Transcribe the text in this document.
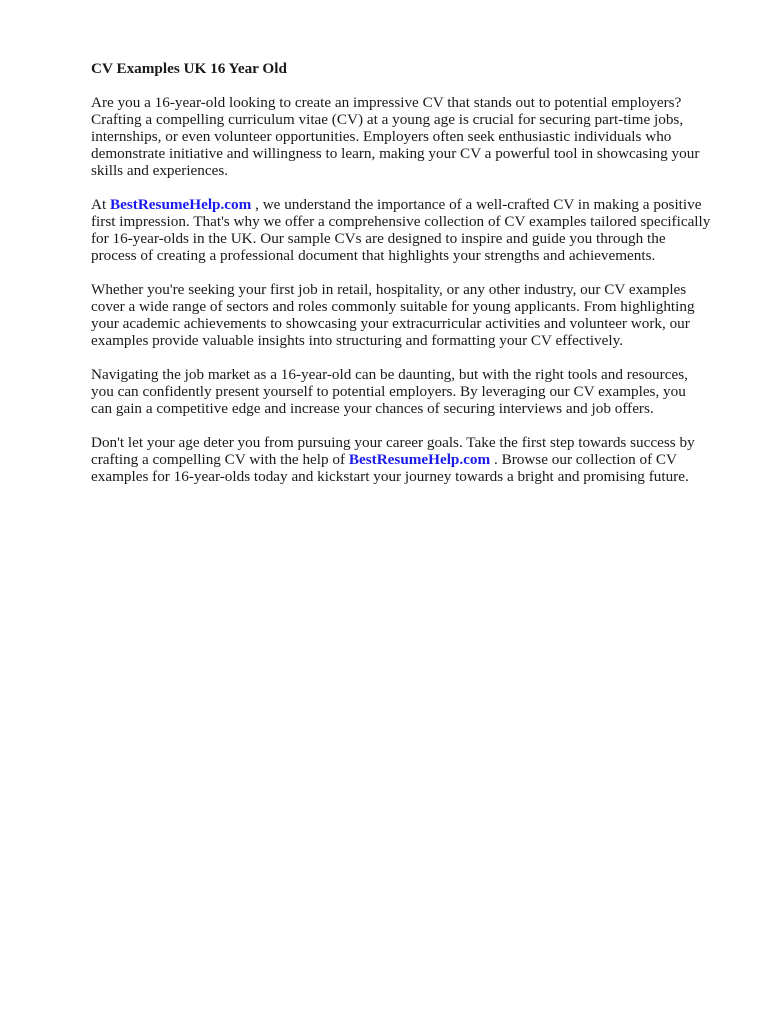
CV Examples UK 16 Year Old
Are you a 16-year-old looking to create an impressive CV that stands out to potential employers?
Crafting a compelling curriculum vitae (CV) at a young age is crucial for securing part-time jobs,
internships, or even volunteer opportunities. Employers often seek enthusiastic individuals who
demonstrate initiative and willingness to learn, making your CV a powerful tool in showcasing your
skills and experiences.
At BestResumeHelp.com , we understand the importance of a well-crafted CV in making a positive
first impression. That's why we offer a comprehensive collection of CV examples tailored specifically
for 16-year-olds in the UK. Our sample CVs are designed to inspire and guide you through the
process of creating a professional document that highlights your strengths and achievements.
Whether you're seeking your first job in retail, hospitality, or any other industry, our CV examples
cover a wide range of sectors and roles commonly suitable for young applicants. From highlighting
your academic achievements to showcasing your extracurricular activities and volunteer work, our
examples provide valuable insights into structuring and formatting your CV effectively.
Navigating the job market as a 16-year-old can be daunting, but with the right tools and resources,
you can confidently present yourself to potential employers. By leveraging our CV examples, you
can gain a competitive edge and increase your chances of securing interviews and job offers.
Don't let your age deter you from pursuing your career goals. Take the first step towards success by
crafting a compelling CV with the help of BestResumeHelp.com . Browse our collection of CV
examples for 16-year-olds today and kickstart your journey towards a bright and promising future.
